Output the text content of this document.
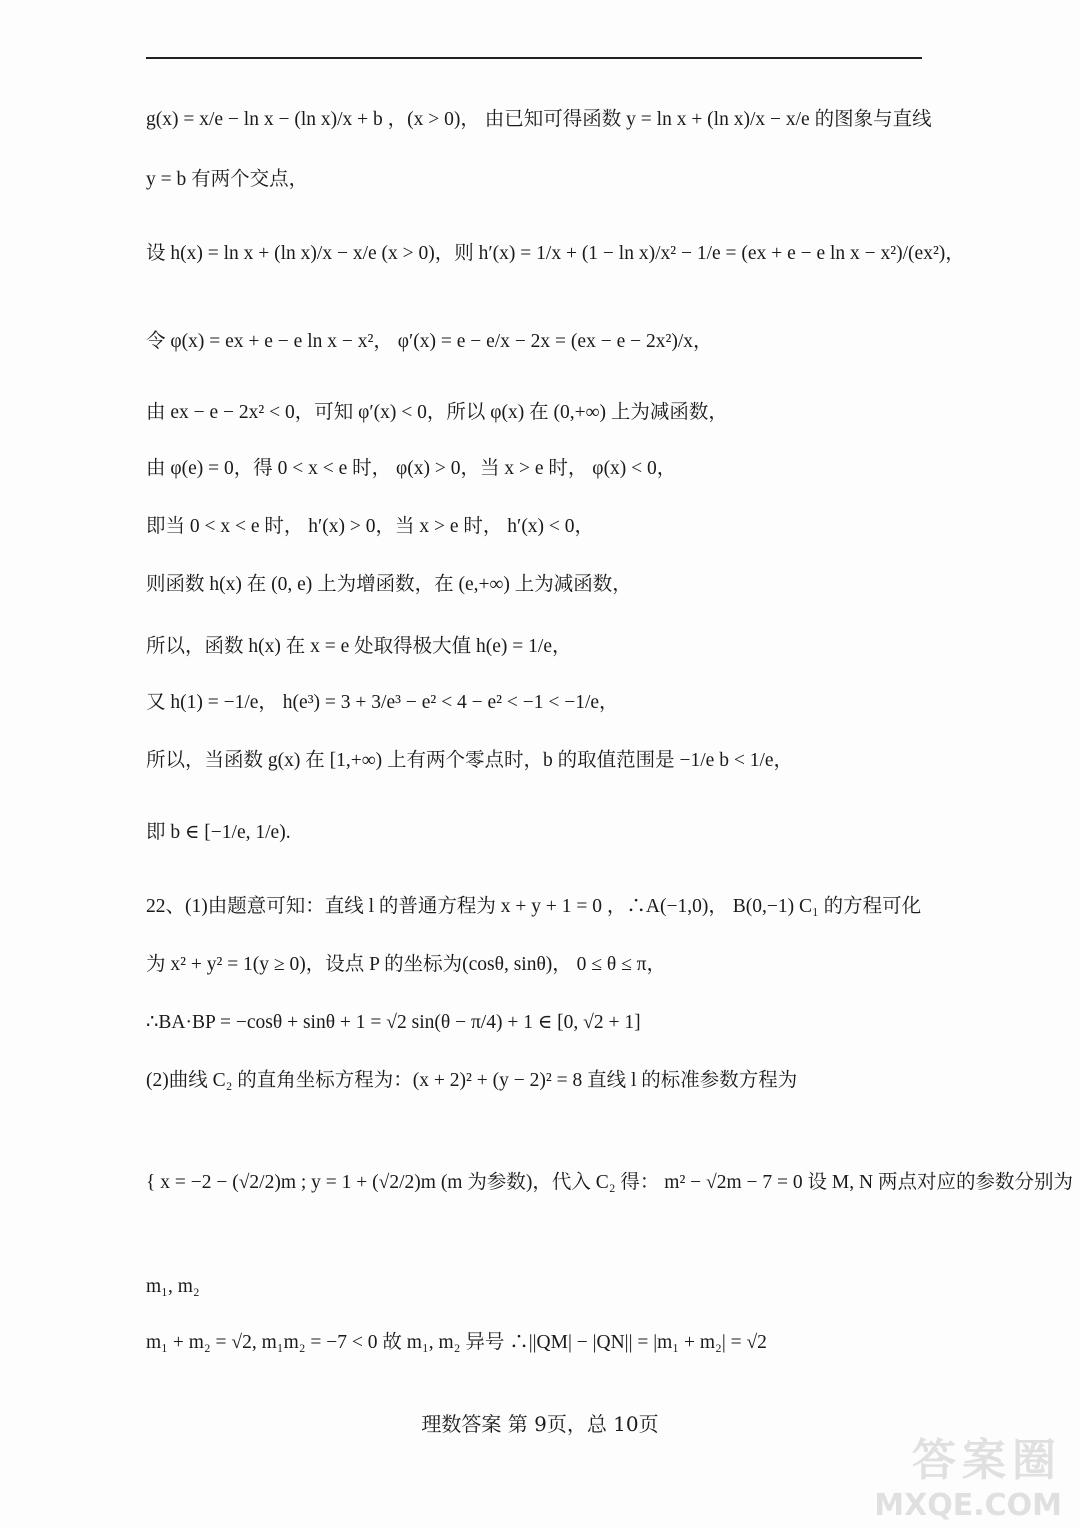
g(x) = x/e − ln x − (ln x)/x + b ，(x > 0)， 由已知可得函数 y = ln x + (ln x)/x − x/e 的图象与直线
y = b 有两个交点，
设 h(x) = ln x + (ln x)/x − x/e (x > 0)，则 h′(x) = 1/x + (1 − ln x)/x² − 1/e = (ex + e − e ln x − x²)/(ex²)，
令 φ(x) = ex + e − e ln x − x²， φ′(x) = e − e/x − 2x = (ex − e − 2x²)/x，
由 ex − e − 2x² < 0，可知 φ′(x) < 0，所以 φ(x) 在 (0,+∞) 上为减函数，
由 φ(e) = 0，得 0 < x < e 时， φ(x) > 0，当 x > e 时， φ(x) < 0，
即当 0 < x < e 时， h′(x) > 0，当 x > e 时， h′(x) < 0，
则函数 h(x) 在 (0, e) 上为增函数，在 (e,+∞) 上为减函数，
所以，函数 h(x) 在 x = e 处取得极大值 h(e) = 1/e，
又 h(1) = −1/e， h(e³) = 3 + 3/e³ − e² < 4 − e² < −1 < −1/e，
所以，当函数 g(x) 在 [1,+∞) 上有两个零点时，b 的取值范围是 −1/e b < 1/e，
即 b ∈ [−1/e, 1/e).
22、(1)由题意可知：直线 l 的普通方程为 x + y + 1 = 0 ，∴A(−1,0)， B(0,−1) C₁ 的方程可化
为 x² + y² = 1(y ≥ 0)，设点 P 的坐标为(cosθ, sinθ)， 0 ≤ θ ≤ π，
∴BA·BP = −cosθ + sinθ + 1 = √2 sin(θ − π/4) + 1 ∈ [0, √2 + 1]
(2)曲线 C₂ 的直角坐标方程为：(x + 2)² + (y − 2)² = 8 直线 l 的标准参数方程为
{ x = −2 − (√2/2)m ; y = 1 + (√2/2)m (m 为参数)，代入 C₂ 得： m² − √2m − 7 = 0 设 M, N 两点对应的参数分别为
m₁, m₂
m₁ + m₂ = √2, m₁m₂ = −7 < 0 故 m₁, m₂ 异号 ∴||QM| − |QN|| = |m₁ + m₂| = √2
理数答案 第 9页，总 10页
答案圈
MXQE.COM
